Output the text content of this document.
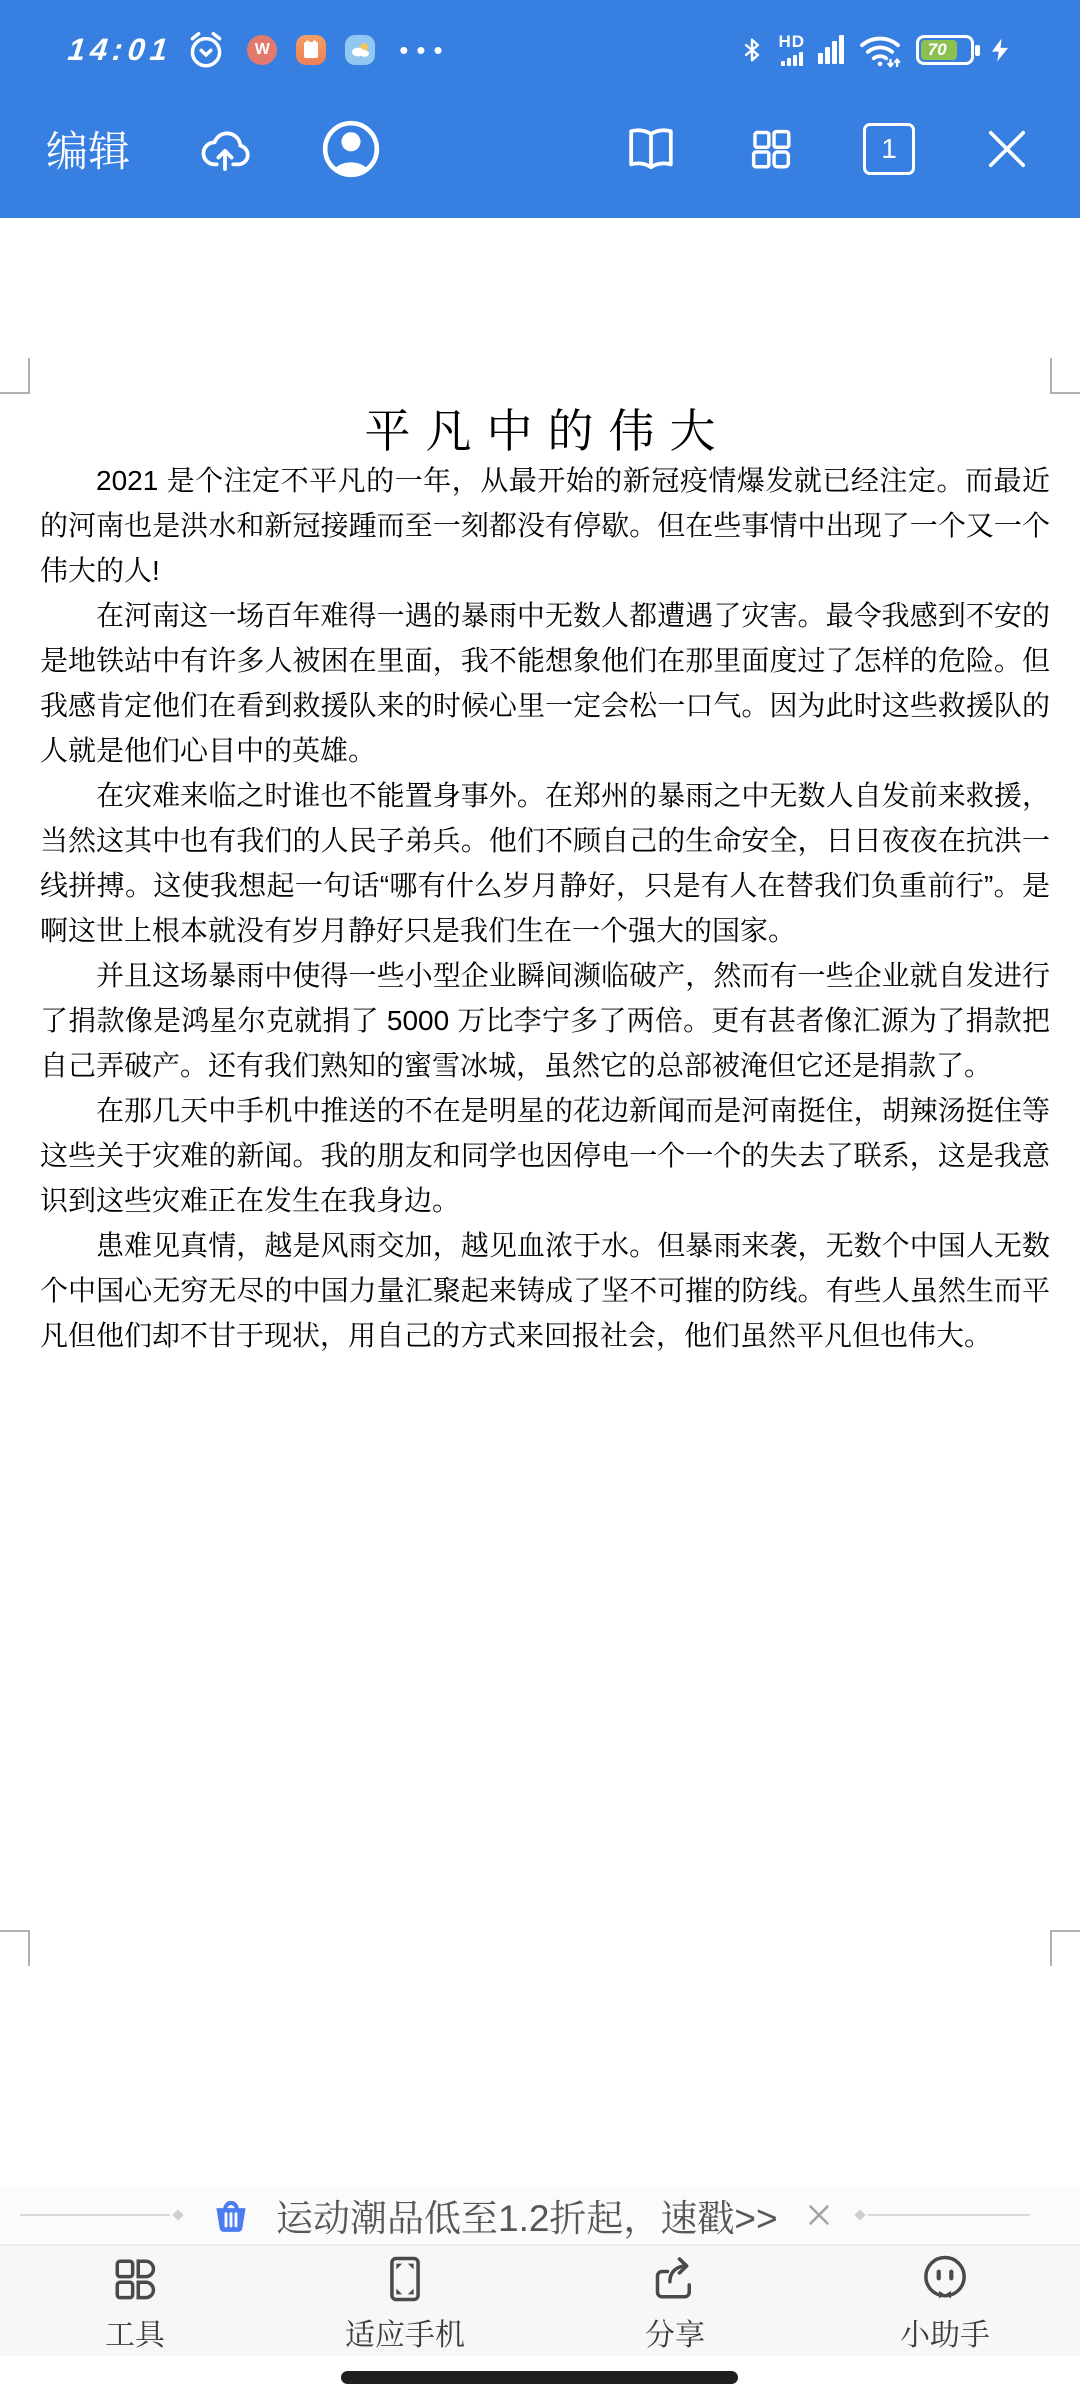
14:01	W	•••	HD	70
编辑	1
平凡中的伟大

2021 是个注定不平凡的一年，从最开始的新冠疫情爆发就已经注定。而最近的河南也是洪水和新冠接踵而至一刻都没有停歇。但在些事情中出现了一个又一个伟大的人!

在河南这一场百年难得一遇的暴雨中无数人都遭遇了灾害。最令我感到不安的是地铁站中有许多人被困在里面，我不能想象他们在那里面度过了怎样的危险。但我感肯定他们在看到救援队来的时候心里一定会松一口气。因为此时这些救援队的人就是他们心目中的英雄。

在灾难来临之时谁也不能置身事外。在郑州的暴雨之中无数人自发前来救援，当然这其中也有我们的人民子弟兵。他们不顾自己的生命安全，日日夜夜在抗洪一线拼搏。这使我想起一句话“哪有什么岁月静好，只是有人在替我们负重前行”。是啊这世上根本就没有岁月静好只是我们生在一个强大的国家。

并且这场暴雨中使得一些小型企业瞬间濒临破产，然而有一些企业就自发进行了捐款像是鸿星尔克就捐了 5000 万比李宁多了两倍。更有甚者像汇源为了捐款把自己弄破产。还有我们熟知的蜜雪冰城，虽然它的总部被淹但它还是捐款了。

在那几天中手机中推送的不在是明星的花边新闻而是河南挺住，胡辣汤挺住等这些关于灾难的新闻。我的朋友和同学也因停电一个一个的失去了联系，这是我意识到这些灾难正在发生在我身边。

患难见真情，越是风雨交加，越见血浓于水。但暴雨来袭，无数个中国人无数个中国心无穷无尽的中国力量汇聚起来铸成了坚不可摧的防线。有些人虽然生而平凡但他们却不甘于现状，用自己的方式来回报社会，他们虽然平凡但也伟大。

运动潮品低至1.2折起，速戳>>
工具	适应手机	分享	小助手
